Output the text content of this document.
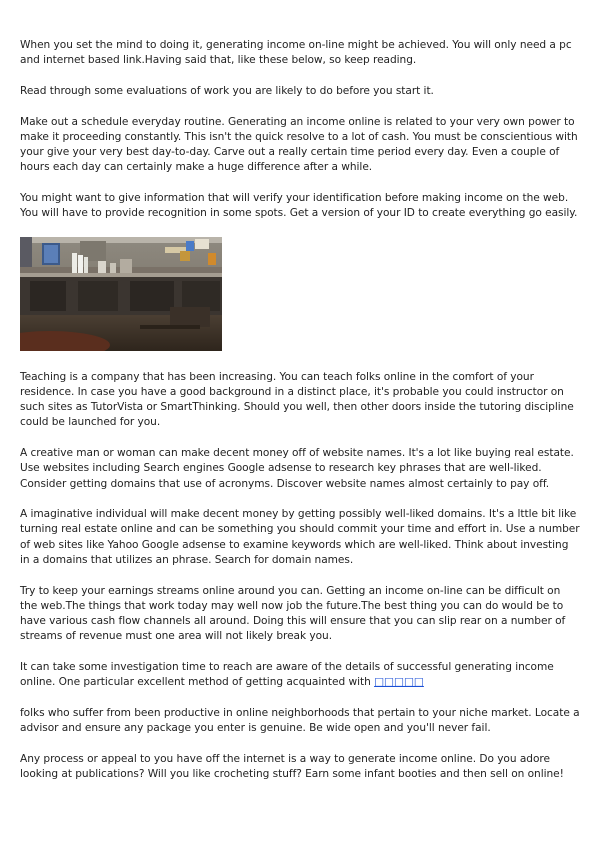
When you set the mind to doing it, generating income on-line might be achieved. You will only need a pc and internet based link.Having said that, like these below, so keep reading.

Read through some evaluations of work you are likely to do before you start it.

Make out a schedule everyday routine. Generating an income online is related to your very own power to make it proceeding constantly. This isn't the quick resolve to a lot of cash. You must be conscientious with your give your very best day-to-day. Carve out a really certain time period every day. Even a couple of hours each day can certainly make a huge difference after a while.

You might want to give information that will verify your identification before making income on the web. You will have to provide recognition in some spots. Get a version of your ID to create everything go easily.

Teaching is a company that has been increasing. You can teach folks online in the comfort of your residence. In case you have a good background in a distinct place, it's probable you could instructor on such sites as TutorVista or SmartThinking. Should you well, then other doors inside the tutoring discipline could be launched for you.

A creative man or woman can make decent money off of website names. It's a lot like buying real estate. Use websites including Search engines Google adsense to research key phrases that are well-liked. Consider getting domains that use of acronyms. Discover website names almost certainly to pay off.

A imaginative individual will make decent money by getting possibly well-liked domains. It's a lttle bit like turning real estate online and can be something you should commit your time and effort in. Use a number of web sites like Yahoo Google adsense to examine keywords which are well-liked. Think about investing in a domains that utilizes an phrase. Search for domain names.

Try to keep your earnings streams online around you can. Getting an income on-line can be difficult on the web.The things that work today may well now job the future.The best thing you can do would be to have various cash flow channels all around. Doing this will ensure that you can slip rear on a number of streams of revenue must one area will not likely break you.

It can take some investigation time to reach are aware of the details of successful generating income online. One particular excellent method of getting acquainted with □□□□□

folks who suffer from been productive in online neighborhoods that pertain to your niche market. Locate a advisor and ensure any package you enter is genuine. Be wide open and you'll never fail.

Any process or appeal to you have off the internet is a way to generate income online. Do you adore looking at publications? Will you like crocheting stuff? Earn some infant booties and then sell on online!
